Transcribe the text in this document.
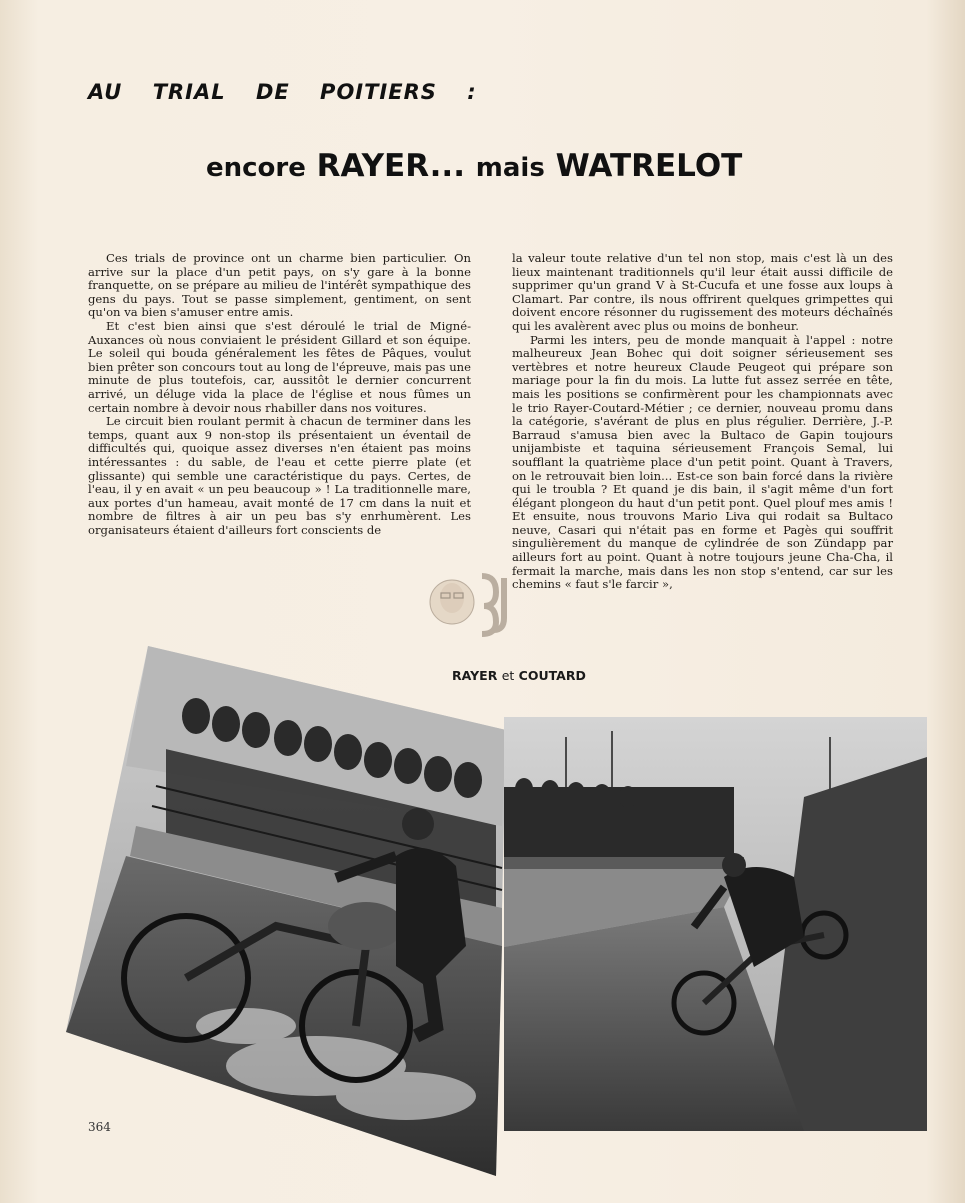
AU TRIAL DE POITIERS :
encore RAYER... mais WATRELOT

Ces trials de province ont un charme bien particulier. On arrive sur la place d'un petit pays, on s'y gare à la bonne franquette, on se prépare au milieu de l'intérêt sympathique des gens du pays. Tout se passe simplement, gentiment, on sent qu'on va bien s'amuser entre amis.

Et c'est bien ainsi que s'est déroulé le trial de Migné-Auxances où nous conviaient le président Gillard et son équipe. Le soleil qui bouda généralement les fêtes de Pâques, voulut bien prêter son concours tout au long de l'épreuve, mais pas une minute de plus toutefois, car, aussitôt le dernier concurrent arrivé, un déluge vida la place de l'église et nous fûmes un certain nombre à devoir nous rhabiller dans nos voitures.

Le circuit bien roulant permit à chacun de terminer dans les temps, quant aux 9 non-stop ils présentaient un éventail de difficultés qui, quoique assez diverses n'en étaient pas moins intéressantes : du sable, de l'eau et cette pierre plate (et glissante) qui semble une caractéristique du pays. Certes, de l'eau, il y en avait « un peu beaucoup » ! La traditionnelle mare, aux portes d'un hameau, avait monté de 17 cm dans la nuit et nombre de filtres à air un peu bas s'y enrhumèrent. Les organisateurs étaient d'ailleurs fort conscients de

la valeur toute relative d'un tel non stop, mais c'est là un des lieux maintenant traditionnels qu'il leur était aussi difficile de supprimer qu'un grand V à St-Cucufa et une fosse aux loups à Clamart. Par contre, ils nous offrirent quelques grimpettes qui doivent encore résonner du rugissement des moteurs déchaînés qui les avalèrent avec plus ou moins de bonheur.

Parmi les inters, peu de monde manquait à l'appel : notre malheureux Jean Bohec qui doit soigner sérieusement ses vertèbres et notre heureux Claude Peugeot qui prépare son mariage pour la fin du mois. La lutte fut assez serrée en tête, mais les positions se confirmèrent pour les championnats avec le trio Rayer-Coutard-Métier ; ce dernier, nouveau promu dans la catégorie, s'avérant de plus en plus régulier. Derrière, J.-P. Barraud s'amusa bien avec la Bultaco de Gapin toujours unijambiste et taquina sérieusement François Semal, lui soufflant la quatrième place d'un petit point. Quant à Travers, on le retrouvait bien loin... Est-ce son bain forcé dans la rivière qui le troubla ? Et quand je dis bain, il s'agit même d'un fort élégant plongeon du haut d'un petit pont. Quel plouf mes amis ! Et ensuite, nous trouvons Mario Liva qui rodait sa Bultaco neuve, Casari qui n'était pas en forme et Pagès qui souffrit singulièrement du manque de cylindrée de son Zündapp par ailleurs fort au point. Quant à notre toujours jeune Cha-Cha, il fermait la marche, mais dans les non stop s'entend, car sur les chemins « faut s'le farcir »,

RAYER et COUTARD
364
